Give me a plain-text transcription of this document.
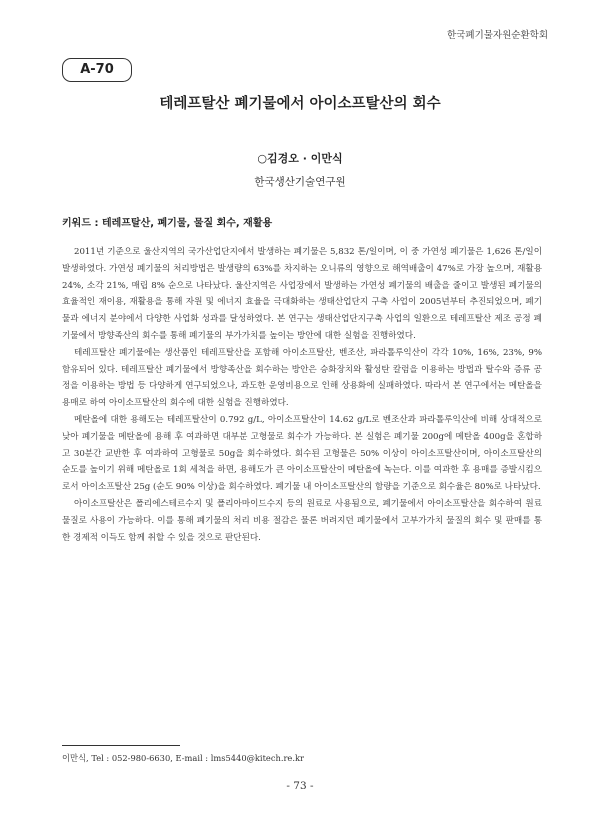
한국폐기물자원순환학회
A-70
테레프탈산 폐기물에서 아이소프탈산의 회수
○김경오 · 이만식
한국생산기술연구원
키워드 : 테레프탈산, 폐기물, 물질 회수, 재활용

2011년 기준으로 울산지역의 국가산업단지에서 발생하는 폐기물은 5,832 톤/일이며, 이 중 가연성 폐기물은 1,626 톤/일이 발생하였다. 가연성 폐기물의 처리방법은 발생량의 63%를 차지하는 오니류의 영향으로 해역배출이 47%로 가장 높으며, 재활용 24%, 소각 21%, 매립 8% 순으로 나타났다. 울산지역은 사업장에서 발생하는 가연성 폐기물의 배출을 줄이고 발생된 폐기물의 효율적인 재이용, 재활용을 통해 자원 및 에너지 효율을 극대화하는 생태산업단지 구축 사업이 2005년부터 추진되었으며, 폐기물과 에너지 분야에서 다양한 사업화 성과를 달성하였다. 본 연구는 생태산업단지구축 사업의 일환으로 테레프탈산 제조 공정 폐기물에서 방향족산의 회수를 통해 폐기물의 부가가치를 높이는 방안에 대한 실험을 진행하였다.

테레프탈산 폐기물에는 생산품인 테레프탈산을 포함해 아이소프탈산, 벤조산, 파라톨루익산이 각각 10%, 16%, 23%, 9% 함유되어 있다. 테레프탈산 폐기물에서 방향족산을 회수하는 방안은 승화장치와 활성탄 칼럼을 이용하는 방법과 탈수와 증류 공정을 이용하는 방법 등 다양하게 연구되었으나, 과도한 운영비용으로 인해 상용화에 실패하였다. 따라서 본 연구에서는 메탄올을 용매로 하여 아이소프탈산의 회수에 대한 실험을 진행하였다.

메탄올에 대한 용해도는 테레프탈산이 0.792 g/L, 아이소프탈산이 14.62 g/L로 벤조산과 파라톨루익산에 비해 상대적으로 낮아 폐기물을 메탄올에 용해 후 여과하면 대부분 고형물로 회수가 가능하다. 본 실험은 폐기물 200g에 메탄올 400g을 혼합하고 30분간 교반한 후 여과하여 고형물로 50g을 회수하였다. 회수된 고형물은 50% 이상이 아이소프탈산이며, 아이소프탈산의 순도를 높이기 위해 메탄올로 1회 세척을 하면, 용해도가 큰 아이소프탈산이 메탄올에 녹는다. 이를 여과한 후 용매를 증발시킴으로서 아이소프탈산 25g (순도 90% 이상)을 회수하였다. 폐기물 내 아이소프탈산의 함량을 기준으로 회수율은 80%로 나타났다.

아이소프탈산은 폴리에스테르수지 및 폴리아마이드수지 등의 원료로 사용됨으로, 폐기물에서 아이소프탈산을 회수하여 원료 물질로 사용이 가능하다. 이를 통해 폐기물의 처리 비용 절감은 물론 버려지던 폐기물에서 고부가가치 물질의 회수 및 판매를 통한 경제적 이득도 함께 취할 수 있을 것으로 판단된다.

이만식, Tel : 052-980-6630, E-mail : lms5440@kitech.re.kr
- 73 -
